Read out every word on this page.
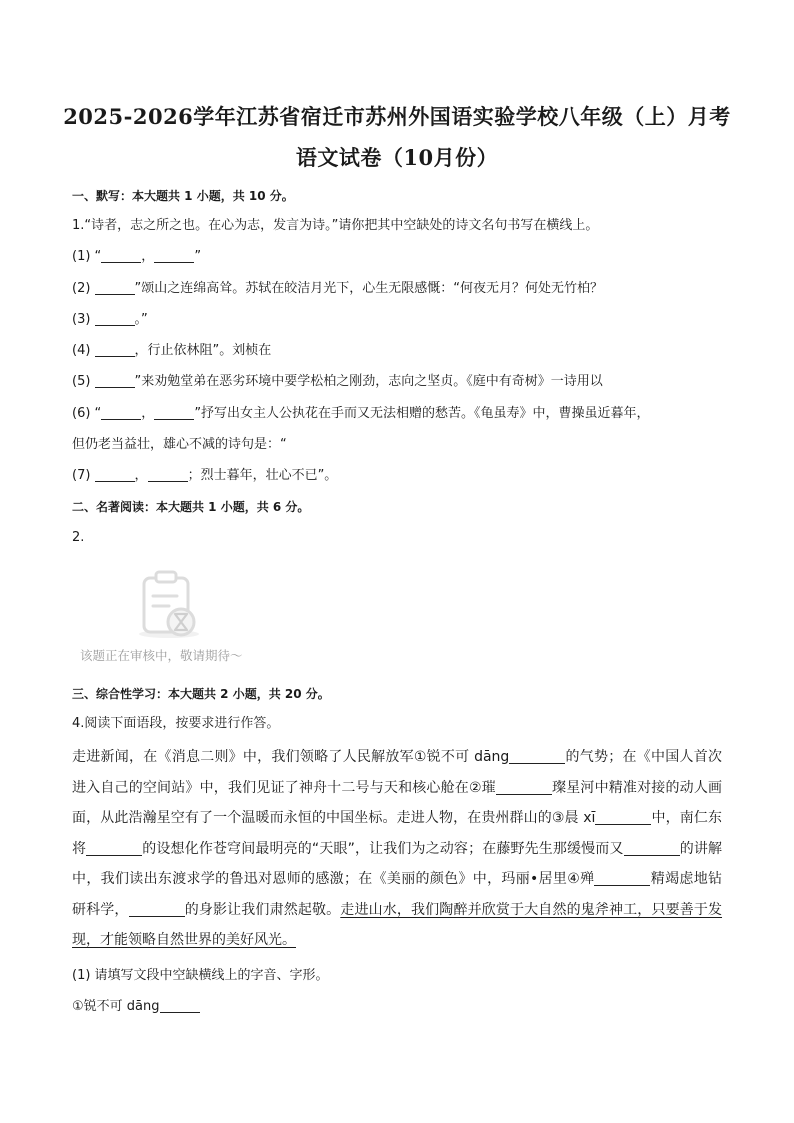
2025-2026学年江苏省宿迁市苏州外国语实验学校八年级（上）月考
语文试卷（10月份）
一、默写：本大题共 1 小题，共 10 分。
1.“诗者，志之所之也。在心为志，发言为诗。”请你把其中空缺处的诗文名句书写在横线上。
(1) “	，	”
(2)	”颂山之连绵高耸。苏轼在皎洁月光下，心生无限感慨：“何夜无月？何处无竹柏？
(3)	。”
(4)	，行止依林阻”。刘桢在
(5)	”来劝勉堂弟在恶劣环境中要学松柏之刚劲，志向之坚贞。《庭中有奇树》一诗用以
(6) “	，	”抒写出女主人公执花在手而又无法相赠的愁苦。《龟虽寿》中，曹操虽近暮年，
但仍老当益壮，雄心不减的诗句是：“
(7)	，	；烈士暮年，壮心不已”。
二、名著阅读：本大题共 1 小题，共 6 分。
2.
该题正在审核中，敬请期待～
三、综合性学习：本大题共 2 小题，共 20 分。
4.阅读下面语段，按要求进行作答。
走进新闻，在《消息二则》中，我们领略了人民解放军①锐不可 dāng	的气势；在《中国人首次进入自己的空间站》中，我们见证了神舟十二号与天和核心舱在②璀	璨星河中精准对接的动人画面，从此浩瀚星空有了一个温暖而永恒的中国坐标。走进人物，在贵州群山的③晨 xī	中，南仁东将	的设想化作苍穹间最明亮的“天眼”，让我们为之动容；在藤野先生那缓慢而又	的讲解中，我们读出东渡求学的鲁迅对恩师的感激；在《美丽的颜色》中，玛丽•居里④殚	精竭虑地钻研科学，	的身影让我们肃然起敬。走进山水，我们陶醉并欣赏于大自然的鬼斧神工，只要善于发现，才能领略自然世界的美好风光。
(1) 请填写文段中空缺横线上的字音、字形。
①锐不可 dāng
